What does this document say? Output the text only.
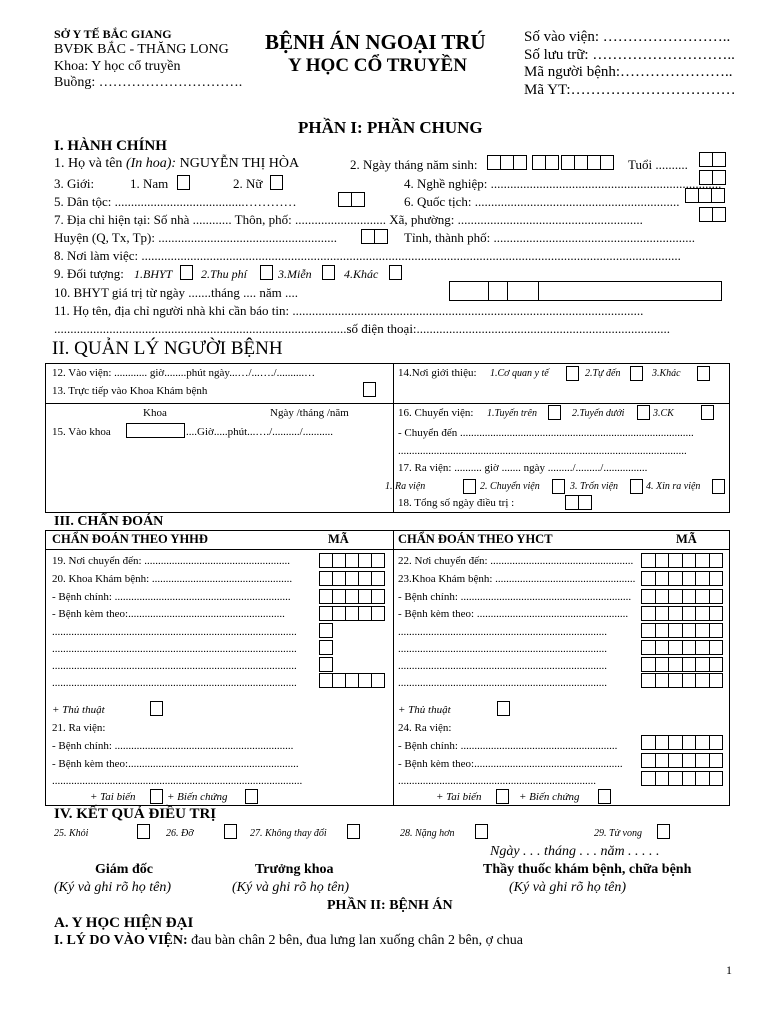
SỞ Y TẾ BẮC GIANG
BVĐK BẮC - THĂNG LONG
Khoa: Y học cổ truyền
Buồng: ………………………….
BỆNH ÁN NGOẠI TRÚ
Y HỌC CỔ TRUYỀN
Số vào viện: ……………………..
Số lưu trữ: ………………………..
Mã người bệnh:…………………..
Mã YT:……………………………
PHẦN I: PHẦN CHUNG
I. HÀNH CHÍNH
1. Họ và tên (In hoa): NGUYỄN THỊ HÒA	2. Ngày tháng năm sinh:	Tuổi ..........
3. Giới:	1. Nam	2. Nữ	4. Nghề nghiệp: .......................................................................
5. Dân tộc: ........................................…………	6. Quốc tịch: ...............................................................
7. Địa chỉ hiện tại: Số nhà ............ Thôn, phố: ............................ Xã, phường: .........................................................
Huyện (Q, Tx, Tp): .......................................................	Tỉnh, thành phố: ..............................................................
8. Nơi làm việc: ......................................................................................................................................................................
9. Đối tượng: 1.BHYT 2.Thu phí	3.Miễn	4.Khác
10. BHYT giá trị từ ngày .......tháng .... năm ....
11. Họ tên, địa chỉ người nhà khi cần báo tin: ............................................................................................................
..........................................................................................số điện thoại:..............................................................................
II. QUẢN LÝ NGƯỜI BỆNH
12. Vào viện: ............ giờ........phút ngày...…/...…./..........…
13. Trực tiếp vào Khoa Khám bệnh
14.Nơi giới thiệu: 1.Cơ quan y tế	2.Tự đến	3.Khác
Khoa	Ngày /tháng /năm
15. Vào khoa	....Giờ.....phút...…./........../...........
16. Chuyển viện: 1.Tuyến trên	2.Tuyến dưới	3.CK
- Chuyển đến .....................................................................................
.........................................................................................................
17. Ra viện: .......... giờ ....... ngày ........./........./................
1. Ra viện	2. Chuyển viện	3. Trốn viện	4. Xin ra viện
18. Tổng số ngày điều trị :
III. CHẨN ĐOÁN
CHẨN ĐOÁN THEO YHHĐ	MÃ	CHẨN ĐOÁN THEO YHCT	MÃ
19. Nơi chuyển đến: .....................................................
20. Khoa Khám bệnh: ...................................................
- Bệnh chính: ................................................................
- Bệnh kèm theo:.........................................................
.........................................................................................
.........................................................................................
.........................................................................................
.........................................................................................
+ Thủ thuật
21. Ra viện:
- Bệnh chính: .................................................................
- Bệnh kèm theo:..............................................................
...........................................................................................
+ Tai biến	+ Biến chứng
22. Nơi chuyển đến: ....................................................
23.Khoa Khám bệnh: ...................................................
- Bệnh chính: ..............................................................
- Bệnh kèm theo: .......................................................
............................................................................
............................................................................
............................................................................
............................................................................
+ Thủ thuật
24. Ra viện:
- Bệnh chính: .........................................................
- Bệnh kèm theo:......................................................
........................................................................
+ Tai biến	+ Biến chứng
IV. KẾT QUẢ ĐIỀU TRỊ
25. Khỏi	26. Đỡ	27. Không thay đổi	28. Nặng hơn	29. Tử vong
Ngày . . . tháng . . . năm . . . . .
Giám đốc	Trưởng khoa	Thầy thuốc khám bệnh, chữa bệnh
(Ký và ghi rõ họ tên)	(Ký và ghi rõ họ tên)	(Ký và ghi rõ họ tên)
PHẦN II: BỆNH ÁN
A. Y HỌC HIỆN ĐẠI
I. LÝ DO VÀO VIỆN: đau bàn chân 2 bên, đua lưng lan xuống chân 2 bên, ợ chua
1
